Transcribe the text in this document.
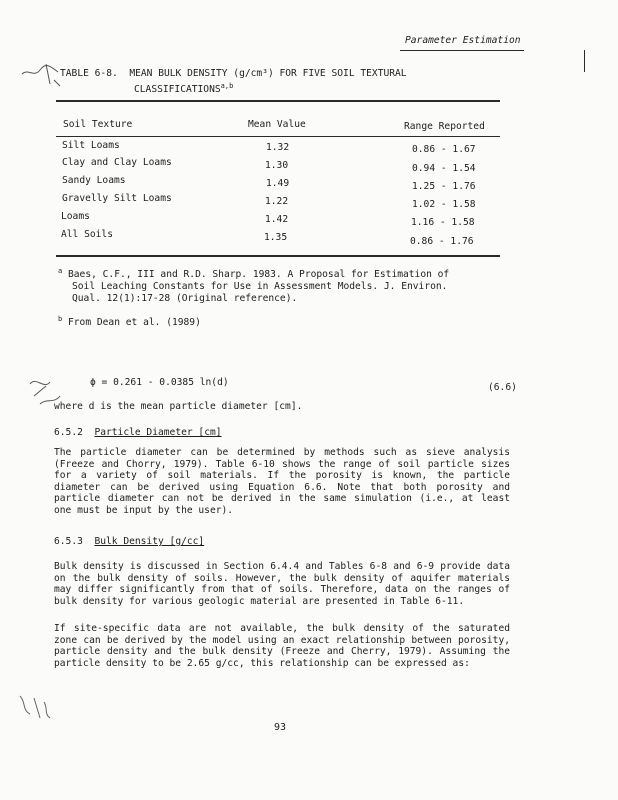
Parameter Estimation
TABLE 6-8. MEAN BULK DENSITY (g/cm³) FOR FIVE SOIL TEXTURAL
CLASSIFICATIONS$^{a,b}$
Soil Texture	Mean Value	Range Reported
Silt Loams	1.32	0.86 - 1.67
Clay and Clay Loams	1.30	0.94 - 1.54
Sandy Loams	1.49	1.25 - 1.76
Gravelly Silt Loams	1.22	1.02 - 1.58
Loams	1.42	1.16 - 1.58
All Soils	1.35	0.86 - 1.76
$^a$ Baes, C.F., III and R.D. Sharp. 1983. A Proposal for Estimation of
Soil Leaching Constants for Use in Assessment Models. J. Environ.
Qual. 12(1):17-28 (Original reference).
$^b$ From Dean et al. (1989)
ϕ = 0.261 - 0.0385 ln(d)	(6.6)
where d is the mean particle diameter [cm].
6.5.2 Particle Diameter [cm]

The particle diameter can be determined by methods such as sieve analysis (Freeze and Chorry, 1979). Table 6-10 shows the range of soil particle sizes for a variety of soil materials. If the porosity is known, the particle diameter can be derived using Equation 6.6. Note that both porosity and particle diameter can not be derived in the same simulation (i.e., at least one must be input by the user).

6.5.3 Bulk Density [g/cc]

Bulk density is discussed in Section 6.4.4 and Tables 6-8 and 6-9 provide data on the bulk density of soils. However, the bulk density of aquifer materials may differ significantly from that of soils. Therefore, data on the ranges of bulk density for various geologic material are presented in Table 6-11.

If site-specific data are not available, the bulk density of the saturated zone can be derived by the model using an exact relationship between porosity, particle density and the bulk density (Freeze and Cherry, 1979). Assuming the particle density to be 2.65 g/cc, this relationship can be expressed as:

93
